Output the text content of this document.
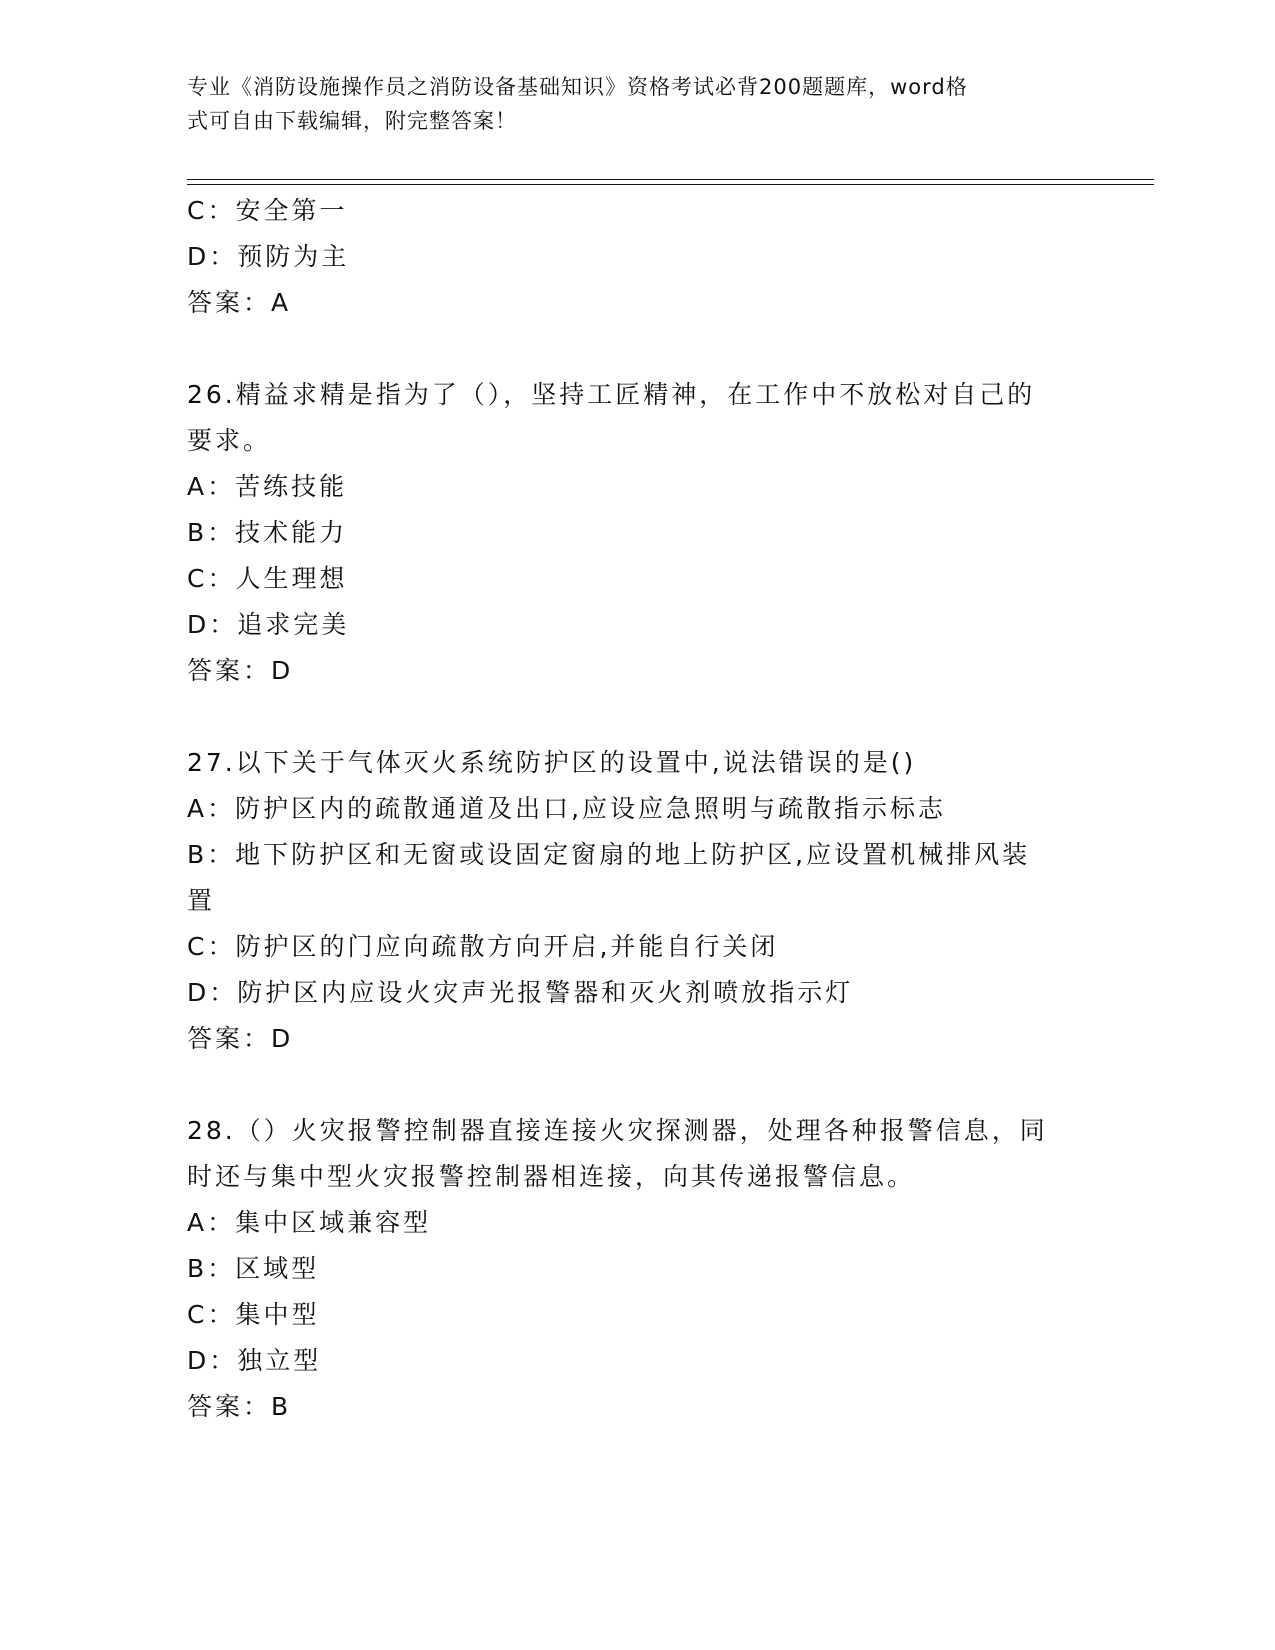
专业《消防设施操作员之消防设备基础知识》资格考试必背200题题库，word格
式可自由下载编辑，附完整答案！
C：安全第一
D：预防为主
答案：A
26.精益求精是指为了（），坚持工匠精神，在工作中不放松对自己的
要求。
A：苦练技能
B：技术能力
C：人生理想
D：追求完美
答案：D
27.以下关于气体灭火系统防护区的设置中,说法错误的是()
A：防护区内的疏散通道及出口,应设应急照明与疏散指示标志
B：地下防护区和无窗或设固定窗扇的地上防护区,应设置机械排风装
置
C：防护区的门应向疏散方向开启,并能自行关闭
D：防护区内应设火灾声光报警器和灭火剂喷放指示灯
答案：D
28.（）火灾报警控制器直接连接火灾探测器，处理各种报警信息，同
时还与集中型火灾报警控制器相连接，向其传递报警信息。
A：集中区域兼容型
B：区域型
C：集中型
D：独立型
答案：B
